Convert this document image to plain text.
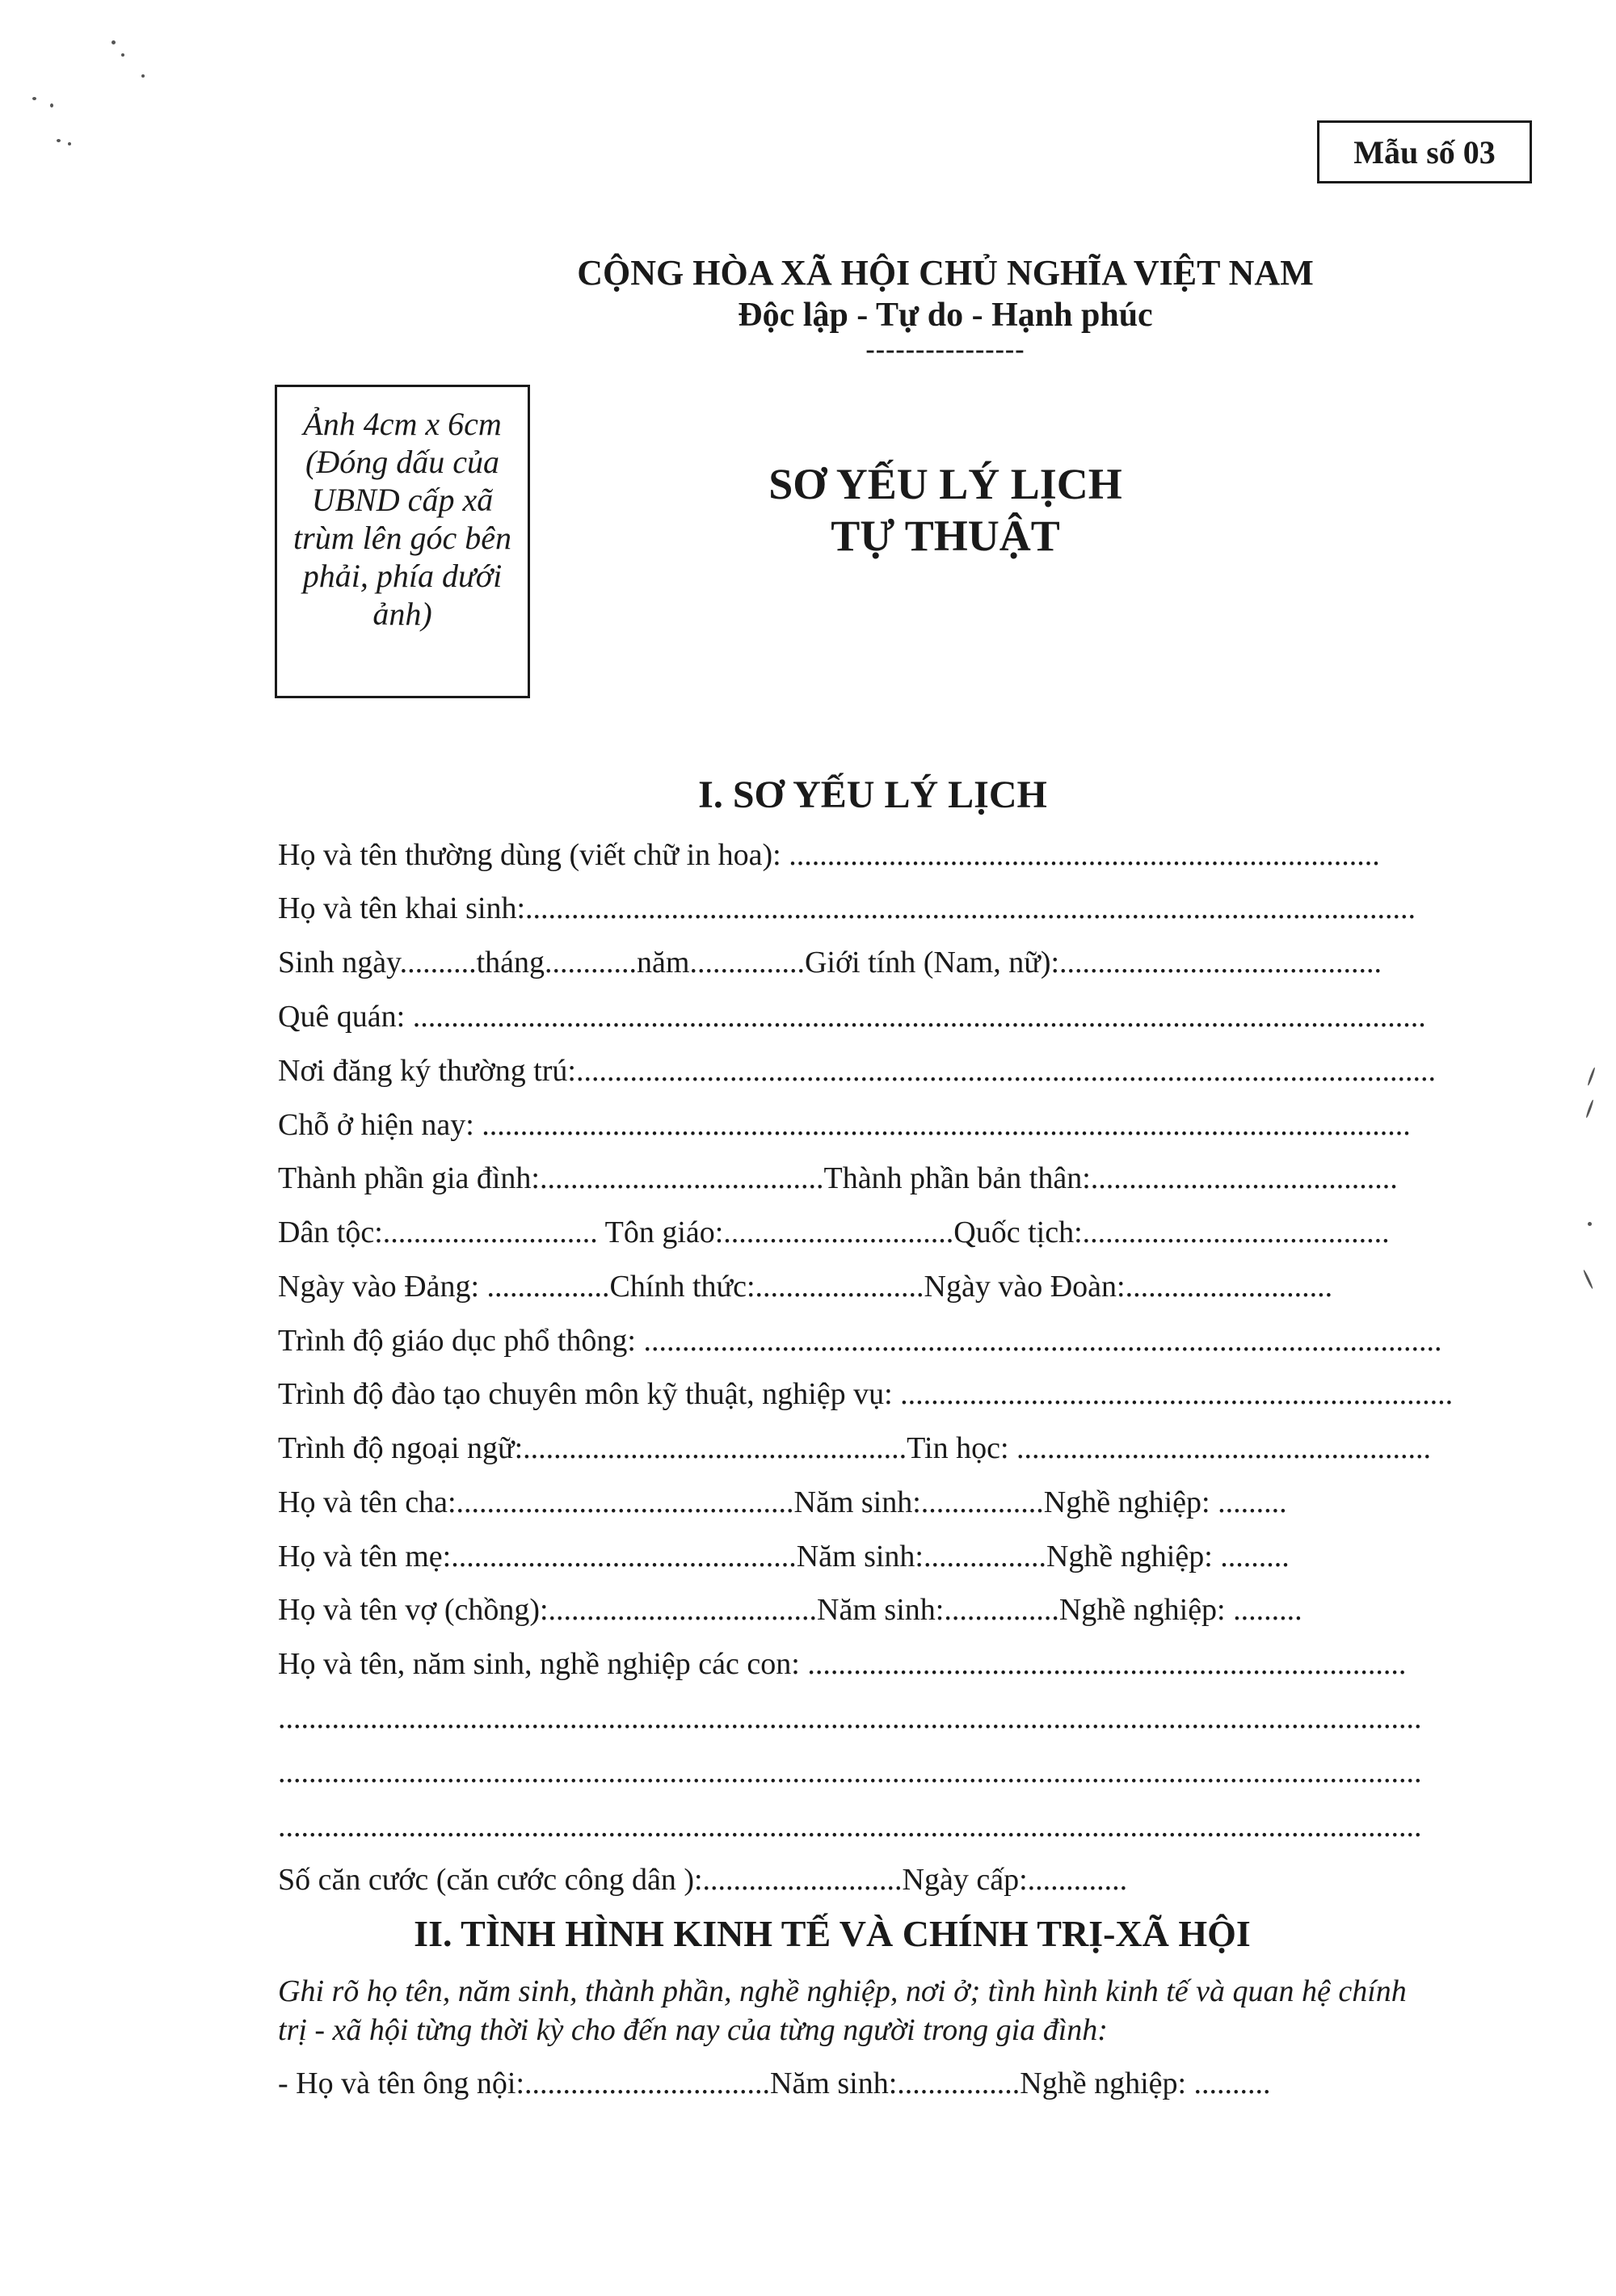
Mẫu số 03
CỘNG HÒA XÃ HỘI CHỦ NGHĨA VIỆT NAM
Độc lập - Tự do - Hạnh phúc
----------------
Ảnh 4cm x 6cm
(Đóng dấu của
UBND cấp xã
trùm lên góc bên
phải, phía dưới
ảnh)
SƠ YẾU LÝ LỊCH
TỰ THUẬT
I. SƠ YẾU LÝ LỊCH
Họ và tên thường dùng (viết chữ in hoa): .............................................................................
Họ và tên khai sinh:....................................................................................................................
Sinh ngày..........tháng............năm...............Giới tính (Nam, nữ):..........................................
Quê quán: ....................................................................................................................................
Nơi đăng ký thường trú:................................................................................................................
Chỗ ở hiện nay: .........................................................................................................................
Thành phần gia đình:.....................................Thành phần bản thân:........................................
Dân tộc:............................ Tôn giáo:..............................Quốc tịch:........................................
Ngày vào Đảng: ................Chính thức:......................Ngày vào Đoàn:...........................
Trình độ giáo dục phổ thông: ........................................................................................................
Trình độ đào tạo chuyên môn kỹ thuật, nghiệp vụ: ........................................................................
Trình độ ngoại ngữ:..................................................Tin học: ......................................................
Họ và tên cha:............................................Năm sinh:................Nghề nghiệp: .........
Họ và tên mẹ:.............................................Năm sinh:................Nghề nghiệp: .........
Họ và tên vợ (chồng):...................................Năm sinh:...............Nghề nghiệp: .........
Họ và tên, năm sinh, nghề nghiệp các con: ..............................................................................
.....................................................................................................................................................
.....................................................................................................................................................
.....................................................................................................................................................
Số căn cước (căn cước công dân ):..........................Ngày cấp:.............
II. TÌNH HÌNH KINH TẾ VÀ CHÍNH TRỊ-XÃ HỘI
Ghi rõ họ tên, năm sinh, thành phần, nghề nghiệp, nơi ở; tình hình kinh tế và quan hệ chính
trị - xã hội từng thời kỳ cho đến nay của từng người trong gia đình:
- Họ và tên ông nội:................................Năm sinh:................Nghề nghiệp: ..........
